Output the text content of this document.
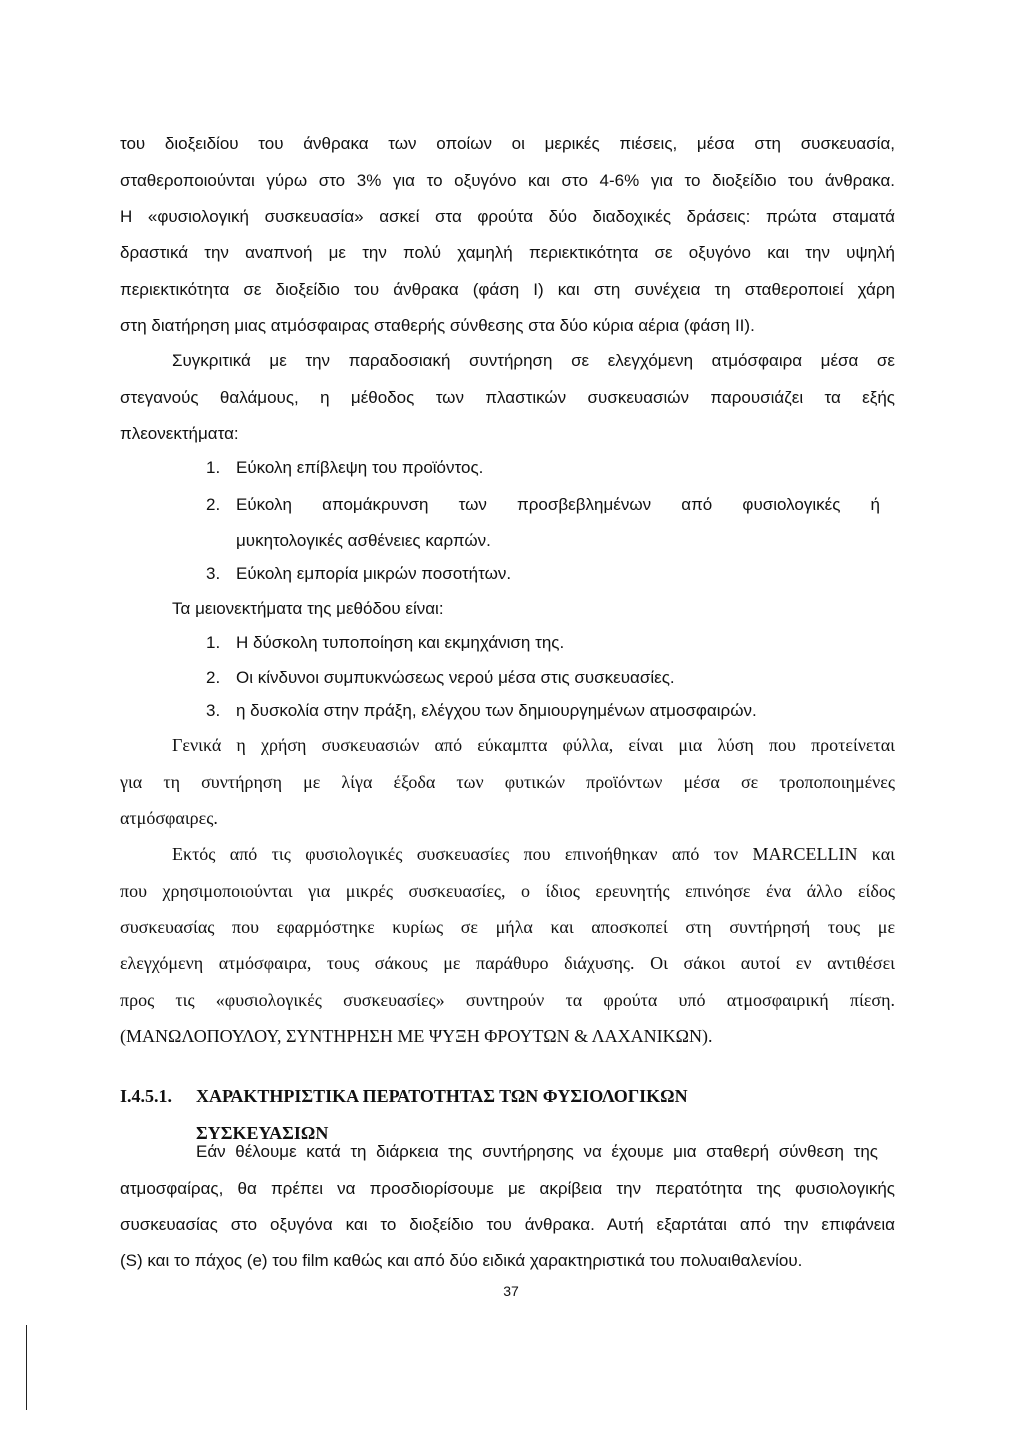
του διοξειδίου του άνθρακα των οποίων οι μερικές πιέσεις, μέσα στη συσκευασία,
σταθεροποιούνται γύρω στο 3% για το οξυγόνο και στο 4-6% για το διοξείδιο του άνθρακα.
Η «φυσιολογική συσκευασία» ασκεί στα φρούτα δύο διαδοχικές δράσεις: πρώτα σταματά
δραστικά την αναπνοή με την πολύ χαμηλή περιεκτικότητα σε οξυγόνο και την υψηλή
περιεκτικότητα σε διοξείδιο του άνθρακα (φάση Ι) και στη συνέχεια τη σταθεροποιεί χάρη
στη διατήρηση μιας ατμόσφαιρας σταθερής σύνθεσης στα δύο κύρια αέρια (φάση ΙΙ).
Συγκριτικά με την παραδοσιακή συντήρηση σε ελεγχόμενη ατμόσφαιρα μέσα σε
στεγανούς θαλάμους, η μέθοδος των πλαστικών συσκευασιών παρουσιάζει τα εξής
πλεονεκτήματα:
1. Εύκολη επίβλεψη του προϊόντος.
2. Εύκολη απομάκρυνση των προσβεβλημένων από φυσιολογικές ή
μυκητολογικές ασθένειες καρπών.
3. Εύκολη εμπορία μικρών ποσοτήτων.
Τα μειονεκτήματα της μεθόδου είναι:
1. Η δύσκολη τυποποίηση και εκμηχάνιση της.
2. Οι κίνδυνοι συμπυκνώσεως νερού μέσα στις συσκευασίες.
3. η δυσκολία στην πράξη, ελέγχου των δημιουργημένων ατμοσφαιρών.
Γενικά η χρήση συσκευασιών από εύκαμπτα φύλλα, είναι μια λύση που προτείνεται
για τη συντήρηση με λίγα έξοδα των φυτικών προϊόντων μέσα σε τροποποιημένες
ατμόσφαιρες.
Εκτός από τις φυσιολογικές συσκευασίες που επινοήθηκαν από τον MARCELLIN και
που χρησιμοποιούνται για μικρές συσκευασίες, ο ίδιος ερευνητής επινόησε ένα άλλο είδος
συσκευασίας που εφαρμόστηκε κυρίως σε μήλα και αποσκοπεί στη συντήρησή τους με
ελεγχόμενη ατμόσφαιρα, τους σάκους με παράθυρο διάχυσης. Οι σάκοι αυτοί εν αντιθέσει
προς τις «φυσιολογικές συσκευασίες» συντηρούν τα φρούτα υπό ατμοσφαιρική πίεση.
(ΜΑΝΩΛΟΠΟΥΛΟΥ, ΣΥΝΤΗΡΗΣΗ ΜΕ ΨΥΞΗ ΦΡΟΥΤΩΝ & ΛΑΧΑΝΙΚΩΝ).
Ι.4.5.1. ΧΑΡΑΚΤΗΡΙΣΤΙΚΑ ΠΕΡΑΤΟΤΗΤΑΣ ΤΩΝ ΦΥΣΙΟΛΟΓΙΚΩΝ
ΣΥΣΚΕΥΑΣΙΩΝ
Εάν θέλουμε κατά τη διάρκεια της συντήρησης να έχουμε μια σταθερή σύνθεση της
ατμοσφαίρας, θα πρέπει να προσδιορίσουμε με ακρίβεια την περατότητα της φυσιολογικής
συσκευασίας στο οξυγόνα και το διοξείδιο του άνθρακα. Αυτή εξαρτάται από την επιφάνεια
(S) και το πάχος (e) του film καθώς και από δύο ειδικά χαρακτηριστικά του πολυαιθαλενίου.
37
